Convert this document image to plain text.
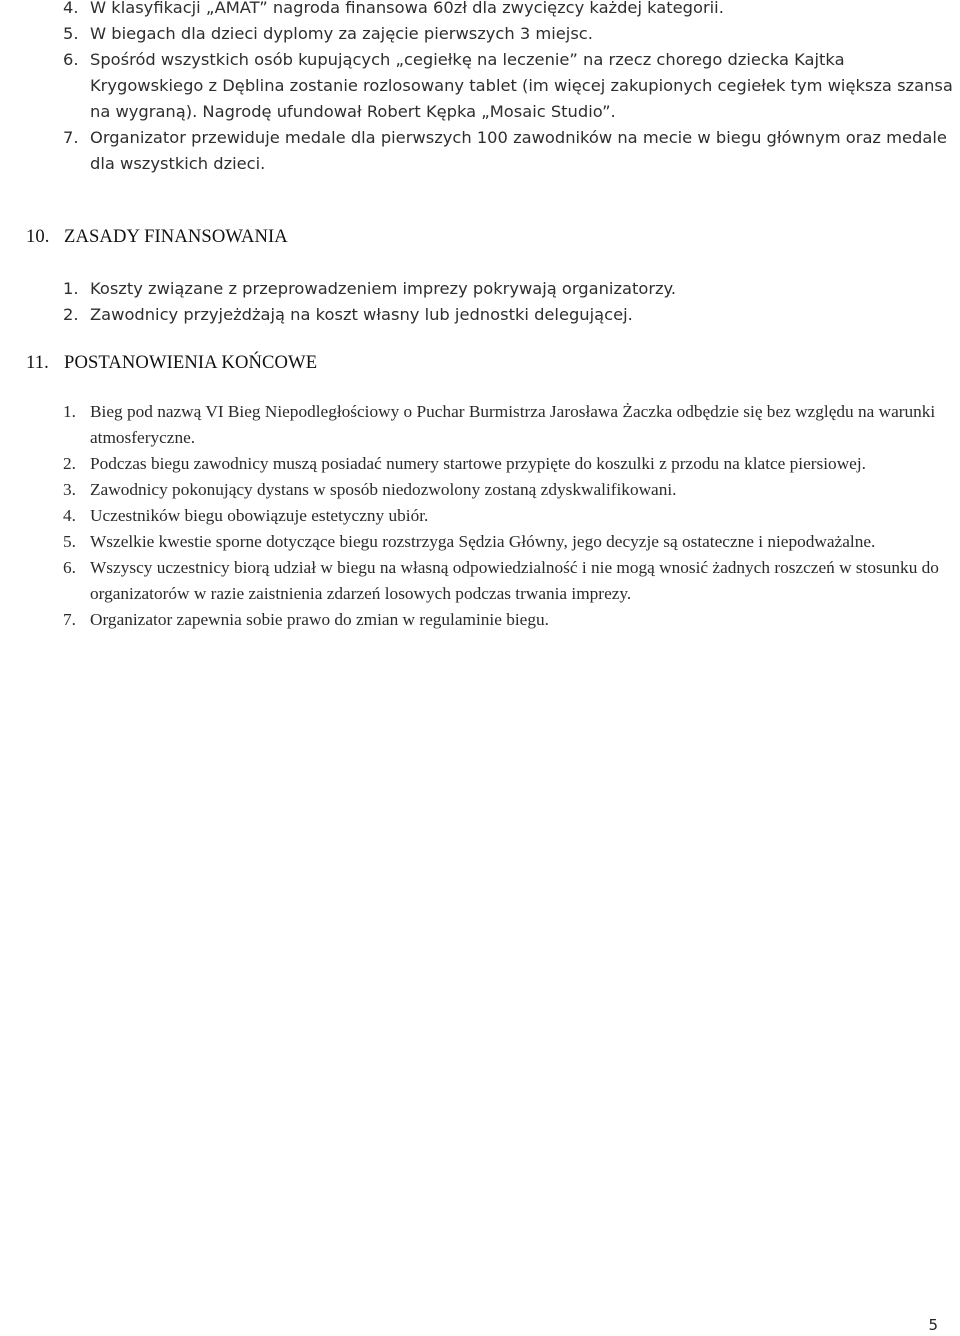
4. W klasyfikacji „AMAT” nagroda finansowa 60zł dla zwycięzcy każdej kategorii.
5. W biegach dla dzieci dyplomy za zajęcie pierwszych 3 miejsc.
6. Spośród wszystkich osób kupujących „cegiełkę na leczenie” na rzecz chorego dziecka Kajtka Krygowskiego z Dęblina zostanie rozlosowany tablet (im więcej zakupionych cegiełek tym większa szansa na wygraną). Nagrodę ufundował Robert Kępka „Mosaic Studio”.
7. Organizator przewiduje medale dla pierwszych 100 zawodników na mecie w biegu głównym oraz medale dla wszystkich dzieci.
10. ZASADY FINANSOWANIA
1. Koszty związane z przeprowadzeniem imprezy pokrywają organizatorzy.
2. Zawodnicy przyjeżdżają na koszt własny lub jednostki delegującej.
11. POSTANOWIENIA KOŃCOWE
1. Bieg pod nazwą VI Bieg Niepodległościowy o Puchar Burmistrza Jarosława Żaczka odbędzie się bez względu na warunki atmosferyczne.
2. Podczas biegu zawodnicy muszą posiadać numery startowe przypięte do koszulki z przodu na klatce piersiowej.
3. Zawodnicy pokonujący dystans w sposób niedozwolony zostaną zdyskwalifikowani.
4. Uczestników biegu obowiązuje estetyczny ubiór.
5. Wszelkie kwestie sporne dotyczące biegu rozstrzyga Sędzia Główny, jego decyzje są ostateczne i niepodważalne.
6. Wszyscy uczestnicy biorą udział w biegu na własną odpowiedzialność i nie mogą wnosić żadnych roszczeń w stosunku do organizatorów w razie zaistnienia zdarzeń losowych podczas trwania imprezy.
7. Organizator zapewnia sobie prawo do zmian w regulaminie biegu.
5
